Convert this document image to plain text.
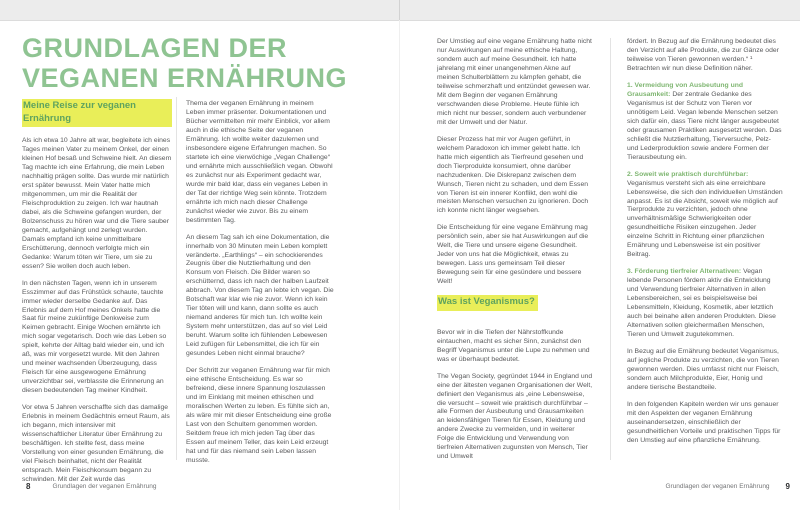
GRUNDLAGEN DER
VEGANEN ERNÄHRUNG
Meine Reise zur veganen Ernährung

Als ich etwa 10 Jahre alt war, begleitete ich eines Tages meinen Vater zu meinem Onkel, der einen kleinen Hof besaß und Schweine hielt. An diesem Tag machte ich eine Erfahrung, die mein Leben nachhaltig prägen sollte. Das wurde mir natürlich erst später bewusst. Mein Vater hatte mich mitgenommen, um mir die Realität der Fleischproduktion zu zeigen. Ich war hautnah dabei, als die Schweine gefangen wurden, der Bolzenschuss zu hören war und die Tiere sauber gemacht, aufgehängt und zerlegt wurden. Damals empfand ich keine unmittelbare Erschütterung, dennoch verfolgte mich ein Gedanke: Warum töten wir Tiere, um sie zu essen? Sie wollen doch auch leben.

In den nächsten Tagen, wenn ich in unserem Esszimmer auf das Frühstück schaute, tauchte immer wieder derselbe Gedanke auf. Das Erlebnis auf dem Hof meines Onkels hatte die Saat für meine zukünftige Denkweise zum Keimen gebracht. Einige Wochen ernährte ich mich sogar vegetarisch. Doch wie das Leben so spielt, kehrte der Alltag bald wieder ein, und ich aß, was mir vorgesetzt wurde. Mit den Jahren und meiner wachsenden Überzeugung, dass Fleisch für eine ausgewogene Ernährung unverzichtbar sei, verblasste die Erinnerung an diesen bedeutenden Tag meiner Kindheit.

Vor etwa 5 Jahren verschaffte sich das damalige Erlebnis in meinem Gedächtnis erneut Raum, als ich begann, mich intensiver mit wissenschaftlicher Literatur über Ernährung zu beschäftigen. Ich stellte fest, dass meine Vorstellung von einer gesunden Ernährung, die viel Fleisch beinhaltet, nicht der Realität entsprach. Mein Fleischkonsum begann zu schwinden. Mit der Zeit wurde das

Thema der veganen Ernährung in meinem Leben immer präsenter. Dokumentationen und Bücher vermittelten mir mehr Einblick, vor allem auch in die ethische Seite der veganen Ernährung. Ich wollte weiter dazulernen und insbesondere eigene Erfahrungen machen. So startete ich eine vierwöchige „Vegan Challenge“ und ernährte mich ausschließlich vegan. Obwohl es zunächst nur als Experiment gedacht war, wurde mir bald klar, dass ein veganes Leben in der Tat der richtige Weg sein könnte. Trotzdem ernährte ich mich nach dieser Challenge zunächst wieder wie zuvor. Bis zu einem bestimmten Tag.

An diesem Tag sah ich eine Dokumentation, die innerhalb von 30 Minuten mein Leben komplett veränderte. „Earthlings“ – ein schockierendes Zeugnis über die Nutztierhaltung und den Konsum von Fleisch. Die Bilder waren so erschütternd, dass ich nach der halben Laufzeit abbrach. Von diesem Tag an lebte ich vegan. Die Botschaft war klar wie nie zuvor. Wenn ich kein Tier töten will und kann, dann sollte es auch niemand anderes für mich tun. Ich wollte kein System mehr unterstützen, das auf so viel Leid beruht. Warum sollte ich fühlenden Lebewesen Leid zufügen für Lebensmittel, die ich für ein gesundes Leben nicht einmal brauche?

Der Schritt zur veganen Ernährung war für mich eine ethische Entscheidung. Es war so befreiend, diese innere Spannung loszulassen und im Einklang mit meinen ethischen und moralischen Werten zu leben. Es fühlte sich an, als wäre mir mit dieser Entscheidung eine große Last von den Schultern genommen worden. Seitdem freue ich mich jeden Tag über das Essen auf meinem Teller, das kein Leid erzeugt hat und für das niemand sein Leben lassen musste.

8	Grundlagen der veganen Ernährung

Der Umstieg auf eine vegane Ernährung hatte nicht nur Auswirkungen auf meine ethische Haltung, sondern auch auf meine Gesundheit. Ich hatte jahrelang mit einer unangenehmen Akne auf meinen Schulterblättern zu kämpfen gehabt, die teilweise schmerzhaft und entzündet gewesen war. Mit dem Beginn der veganen Ernährung verschwanden diese Probleme. Heute fühle ich mich nicht nur besser, sondern auch verbundener mit der Umwelt und der Natur.

Dieser Prozess hat mir vor Augen geführt, in welchem Paradoxon ich immer gelebt hatte. Ich hatte mich eigentlich als Tierfreund gesehen und doch Tierprodukte konsumiert, ohne darüber nachzudenken. Die Diskrepanz zwischen dem Wunsch, Tieren nicht zu schaden, und dem Essen von Tieren ist ein innerer Konflikt, den wohl die meisten Menschen versuchen zu ignorieren. Doch ich konnte nicht länger wegsehen.

Die Entscheidung für eine vegane Ernährung mag persönlich sein, aber sie hat Auswirkungen auf die Welt, die Tiere und unsere eigene Gesundheit. Jeder von uns hat die Möglichkeit, etwas zu bewegen. Lass uns gemeinsam Teil dieser Bewegung sein für eine gesündere und bessere Welt!

Was ist Veganismus?

Bevor wir in die Tiefen der Nährstoffkunde eintauchen, macht es sicher Sinn, zunächst den Begriff Veganismus unter die Lupe zu nehmen und was er überhaupt bedeutet.

The Vegan Society, gegründet 1944 in England und eine der ältesten veganen Organisationen der Welt, definiert den Veganismus als „eine Lebensweise, die versucht – soweit wie praktisch durchführbar – alle Formen der Ausbeutung und Grausamkeiten an leidensfähigen Tieren für Essen, Kleidung und andere Zwecke zu vermeiden, und in weiterer Folge die Entwicklung und Verwendung von tierfreien Alternativen zugunsten von Mensch, Tier und Umwelt

fördert. In Bezug auf die Ernährung bedeutet dies den Verzicht auf alle Produkte, die zur Gänze oder teilweise von Tieren gewonnen werden.“ ¹ Betrachten wir nun diese Definition näher.

1. Vermeidung von Ausbeutung und Grausamkeit: Der zentrale Gedanke des Veganismus ist der Schutz von Tieren vor unnötigem Leid. Vegan lebende Menschen setzen sich dafür ein, dass Tiere nicht länger ausgebeutet oder grausamen Praktiken ausgesetzt werden. Das schließt die Nutztierhaltung, Tierversuche, Pelz- und Lederproduktion sowie andere Formen der Tierausbeutung ein.

2. Soweit wie praktisch durchführbar:Veganismus versteht sich als eine erreichbare Lebensweise, die sich den individuellen Umständen anpasst. Es ist die Absicht, soweit wie möglich auf Tierprodukte zu verzichten, jedoch ohne unverhältnismäßige Schwierigkeiten oder gesundheitliche Risiken einzugehen. Jeder einzelne Schritt in Richtung einer pflanzlichen Ernährung und Lebensweise ist ein positiver Beitrag.

3. Förderung tierfreier Alternativen: Vegan lebende Personen fördern aktiv die Entwicklung und Verwendung tierfreier Alternativen in allen Lebensbereichen, sei es beispielsweise bei Lebensmitteln, Kleidung, Kosmetik, aber letztlich auch bei beinahe allen anderen Produkten. Diese Alternativen sollen gleichermaßen Menschen, Tieren und Umwelt zugutekommen.

In Bezug auf die Ernährung bedeutet Veganismus, auf jegliche Produkte zu verzichten, die von Tieren gewonnen werden. Dies umfasst nicht nur Fleisch, sondern auch Milchprodukte, Eier, Honig und andere tierische Bestandteile.

In den folgenden Kapiteln werden wir uns genauer mit den Aspekten der veganen Ernährung auseinandersetzen, einschließlich der gesundheitlichen Vorteile und praktischen Tipps für den Umstieg auf eine pflanzliche Ernährung.

Grundlagen der veganen Ernährung 9
